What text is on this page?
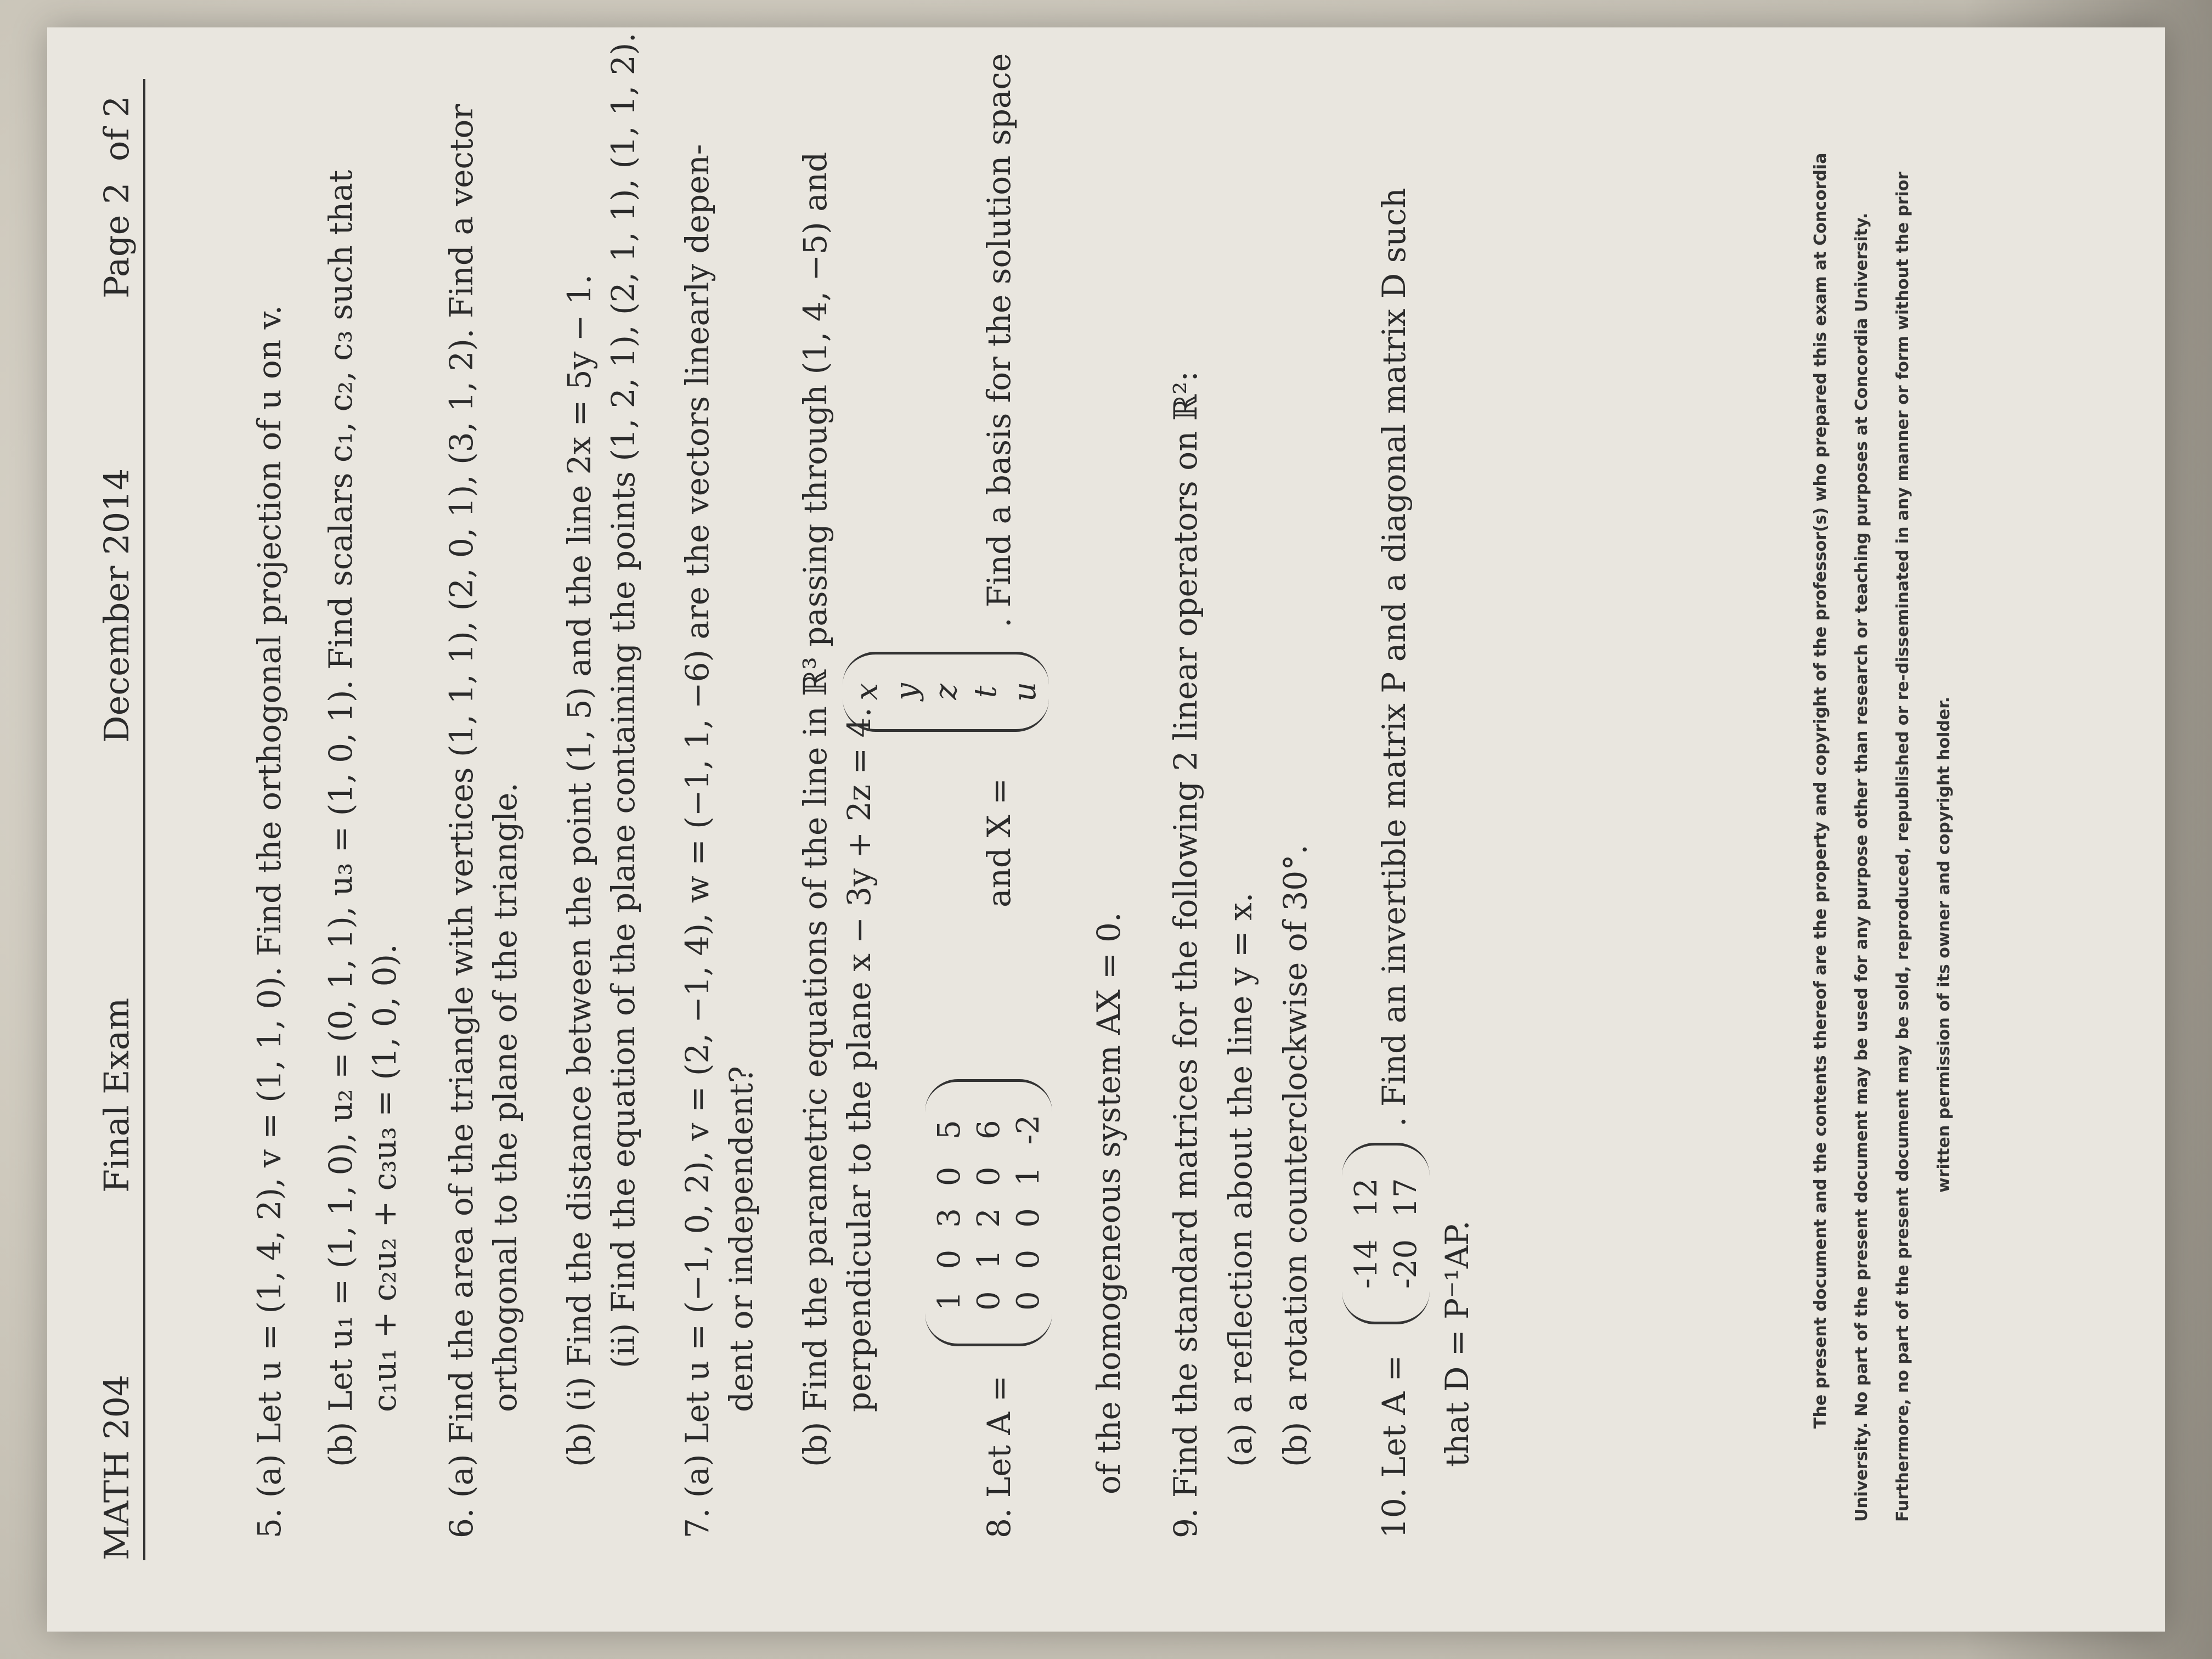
MATH 204
Final Exam
December 2014
Page 2
of 2
5. (a) Let u = (1, 4, 2), v = (1, 1, 0). Find the orthogonal projection of u on v. (b) Let u₁ = (1, 1, 0), u₂ = (0, 1, 1), u₃ = (1, 0, 1). Find scalars c₁, c₂, c₃ such that c₁u₁ + c₂u₂ + c₃u₃ = (1, 0, 0). 6. (a) Find the area of the triangle with vertices (1, 1, 1), (2, 0, 1), (3, 1, 2). Find a vector orthogonal to the plane of the triangle. (b) (i) Find the distance between the point (1, 5) and the line 2x = 5y − 1. (ii) Find the equation of the plane containing the points (1, 2, 1), (2, 1, 1), (1, 1, 2). 7. (a) Let u = (−1, 0, 2), v = (2, −1, 4), w = (−1, 1, −6) are the vectors linearly depen- dent or independent? (b) Find the parametric equations of the line in ℝ³ passing through (1, 4, −5) and perpendicular to the plane x − 3y + 2z = 4.
8. Let A =
1	0	3	0	5
0	1	2	0	6
0	0	0	1	-2
and X =
x
y
z
t
u
. Find a basis for the solution space
of the homogeneous system AX = 0. 9. Find the standard matrices for the following 2 linear operators on ℝ²: (a) a reflection about the line y = x. (b) a rotation counterclockwise of 30°. 10. Let A =
-14	12
-20	17
. Find an invertible matrix P and a diagonal matrix D such
that D = P⁻¹AP.	The present document and the contents thereof are the property and copyright of the professor(s) who prepared this exam at Concordia University. No part of the present document may be used for any purpose other than research or teaching purposes at Concordia University. Furthermore, no part of the present document may be sold, reproduced, republished or re-disseminated in any manner or form without the prior written permission of its owner and copyright holder.
